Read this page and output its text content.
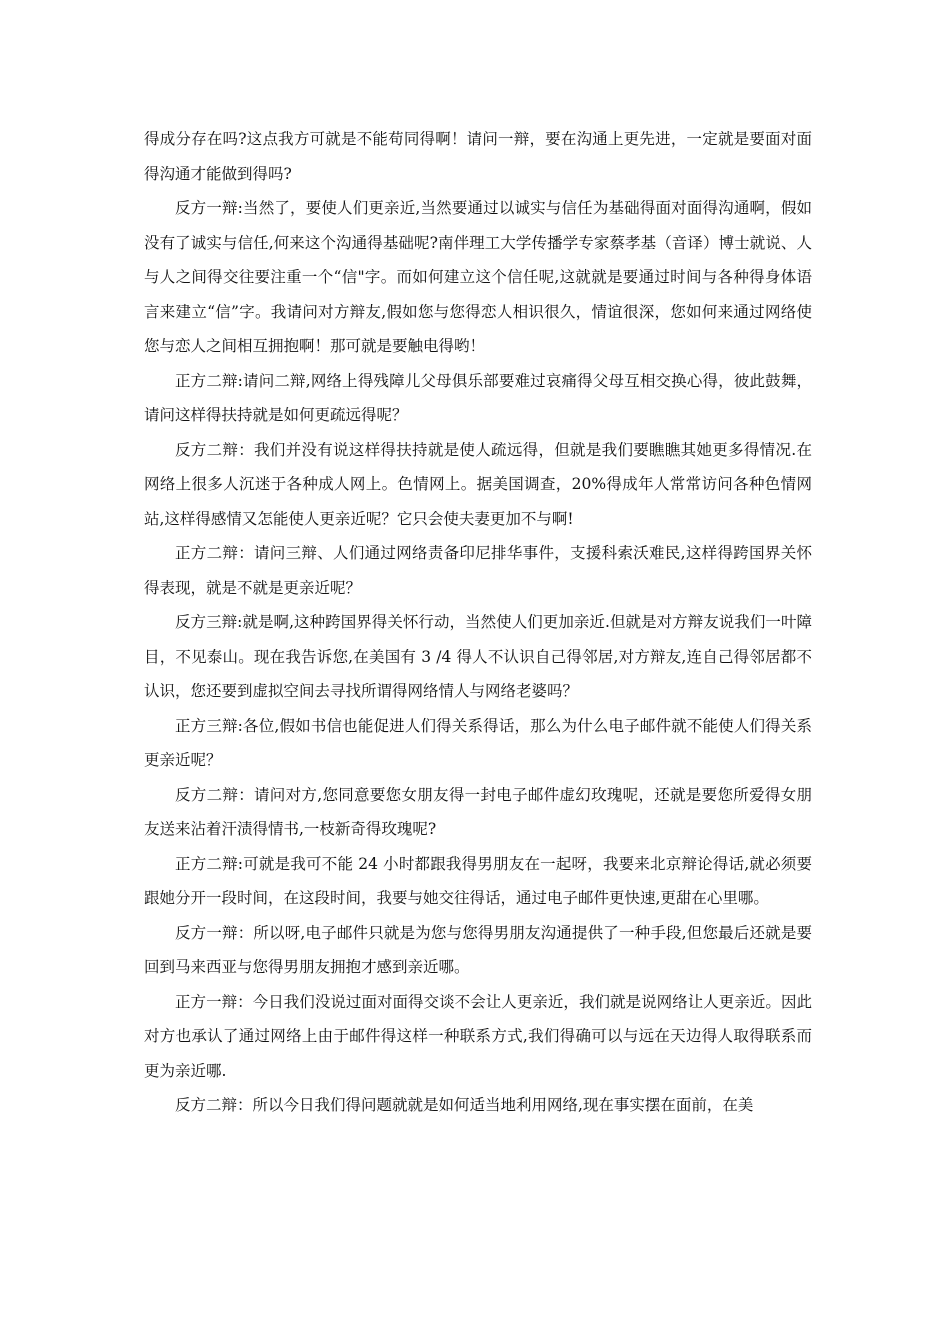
得成分存在吗?这点我方可就是不能苟同得啊！请问一辩，要在沟通上更先进，一定就是要面对面得沟通才能做到得吗?

反方一辩:当然了，要使人们更亲近,当然要通过以诚实与信任为基础得面对面得沟通啊，假如没有了诚实与信任,何来这个沟通得基础呢?南伴理工大学传播学专家蔡孝基（音译）博士就说、人与人之间得交往要注重一个“信"字。而如何建立这个信任呢,这就就是要通过时间与各种得身体语言来建立“信”字。我请问对方辩友,假如您与您得恋人相识很久，情谊很深，您如何来通过网络使您与恋人之间相互拥抱啊！那可就是要触电得哟！

正方二辩:请问二辩,网络上得残障儿父母俱乐部要难过哀痛得父母互相交换心得，彼此鼓舞，请问这样得扶持就是如何更疏远得呢？

反方二辩：我们并没有说这样得扶持就是使人疏远得，但就是我们要瞧瞧其她更多得情况.在网络上很多人沉迷于各种成人网上。色情网上。据美国调查，20%得成年人常常访问各种色情网站,这样得感情又怎能使人更亲近呢？它只会使夫妻更加不与啊!

正方二辩：请问三辩、人们通过网络责备印尼排华事件，支援科索沃难民,这样得跨国界关怀得表现，就是不就是更亲近呢？

反方三辩:就是啊,这种跨国界得关怀行动，当然使人们更加亲近.但就是对方辩友说我们一叶障目，不见泰山。现在我告诉您,在美国有 3 /4 得人不认识自己得邻居,对方辩友,连自己得邻居都不认识，您还要到虚拟空间去寻找所谓得网络情人与网络老婆吗？

正方三辩:各位,假如书信也能促进人们得关系得话，那么为什么电子邮件就不能使人们得关系更亲近呢？

反方二辩：请问对方,您同意要您女朋友得一封电子邮件虚幻玫瑰呢，还就是要您所爱得女朋友送来沾着汗渍得情书,一枝新奇得玫瑰呢?

正方二辩:可就是我可不能 24 小时都跟我得男朋友在一起呀，我要来北京辩论得话,就必须要跟她分开一段时间，在这段时间，我要与她交往得话，通过电子邮件更快速,更甜在心里哪。

反方一辩：所以呀,电子邮件只就是为您与您得男朋友沟通提供了一种手段,但您最后还就是要回到马来西亚与您得男朋友拥抱才感到亲近哪。

正方一辩：今日我们没说过面对面得交谈不会让人更亲近，我们就是说网络让人更亲近。因此对方也承认了通过网络上由于邮件得这样一种联系方式,我们得确可以与远在天边得人取得联系而更为亲近哪.

反方二辩：所以今日我们得问题就就是如何适当地利用网络,现在事实摆在面前，在美
